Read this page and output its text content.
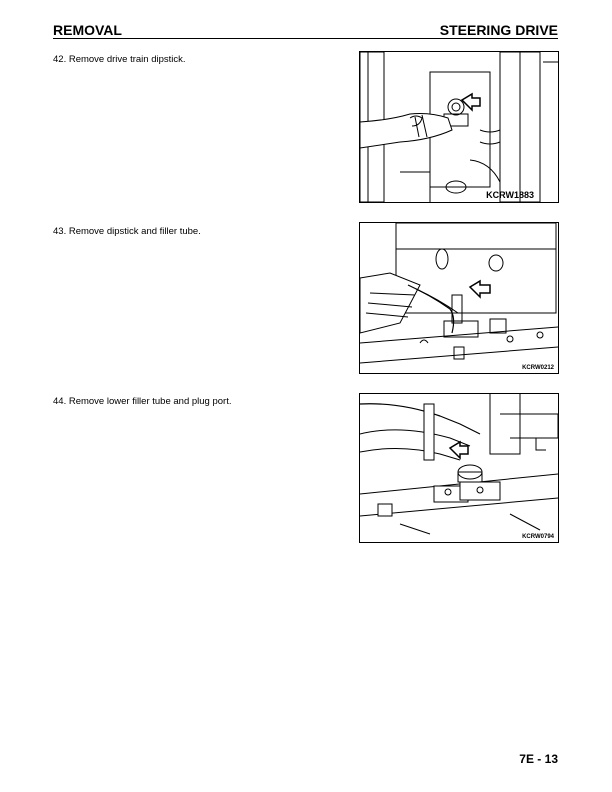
REMOVAL	STEERING DRIVE
42. Remove drive train dipstick.
KCRW1883
43. Remove dipstick and filler tube.
KCRW0212
44. Remove lower filler tube and plug port.
KCRW0794
7E - 13
